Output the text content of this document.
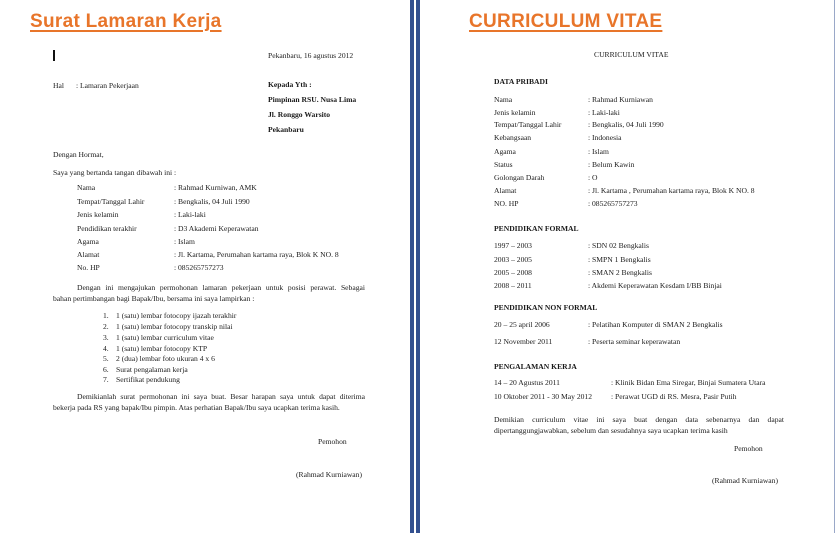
Surat Lamaran Kerja
Pekanbaru, 16 agustus 2012
Hal : Lamaran Pekerjaan	Kepada Yth :
Pimpinan RSU. Nusa Lima
Jl. Ronggo Warsito
Pekanbaru
Dengan Hormat,
Saya yang bertanda tangan dibawah ini :
Nama	: Rahmad Kurniwan, AMK
Tempat/Tanggal Lahir	: Bengkalis, 04 Juli 1990
Jenis kelamin	: Laki-laki
Pendidikan terakhir	: D3 Akademi Keperawatan
Agama	: Islam
Alamat	: Jl. Kartama, Perumahan kartama raya, Blok K NO. 8
No. HP	: 085265757273
Dengan ini mengajukan permohonan lamaran pekerjaan untuk posisi perawat. Sebagai
bahan pertimbangan bagi Bapak/Ibu, bersama ini saya lampirkan :
1. 1 (satu) lembar fotocopy ijazah terakhir
2. 1 (satu) lembar fotocopy transkip nilai
3. 1 (satu) lembar curriculum vitae
4. 1 (satu) lembar fotocopy KTP
5. 2 (dua) lembar foto ukuran 4 x 6
6. Surat pengalaman kerja
7. Sertifikat pendukung
Demikianlah surat permohonan ini saya buat. Besar harapan saya untuk dapat diterima
bekerja pada RS yang bapak/Ibu pimpin. Atas perhatian Bapak/Ibu saya ucapkan terima kasih.
Pemohon
(Rahmad Kurniawan)
CURRICULUM VITAE
CURRICULUM VITAE
DATA PRIBADI
Nama	: Rahmad Kurniawan
Jenis kelamin	: Laki-laki
Tempat/Tanggal Lahir	: Bengkalis, 04 Juli 1990
Kebangsaan	: Indonesia
Agama	: Islam
Status	: Belum Kawin
Golongan Darah	: O
Alamat	: Jl. Kartama , Perumahan kartama raya, Blok K NO. 8
NO. HP	: 085265757273
PENDIDIKAN FORMAL
1997 – 2003	: SDN 02 Bengkalis
2003 – 2005	: SMPN 1 Bengkalis
2005 – 2008	: SMAN 2 Bengkalis
2008 – 2011	: Akdemi Keperawatan Kesdam I/BB Binjai
PENDIDIKAN NON FORMAL
20 – 25 april 2006	: Pelatihan Komputer di SMAN 2 Bengkalis
12 November 2011	: Peserta seminar keperawatan
PENGALAMAN KERJA
14 – 20 Agustus 2011	: Klinik Bidan Ema Siregar, Binjai Sumatera Utara
10 Oktober 2011 - 30 May 2012 : Perawat UGD di RS. Mesra, Pasir Putih
Demikian curriculum vitae ini saya buat dengan data sebenarnya dan dapat
dipertanggungjawabkan, sebelum dan sesudahnya saya ucapkan terima kasih
Pemohon
(Rahmad Kurniawan)
